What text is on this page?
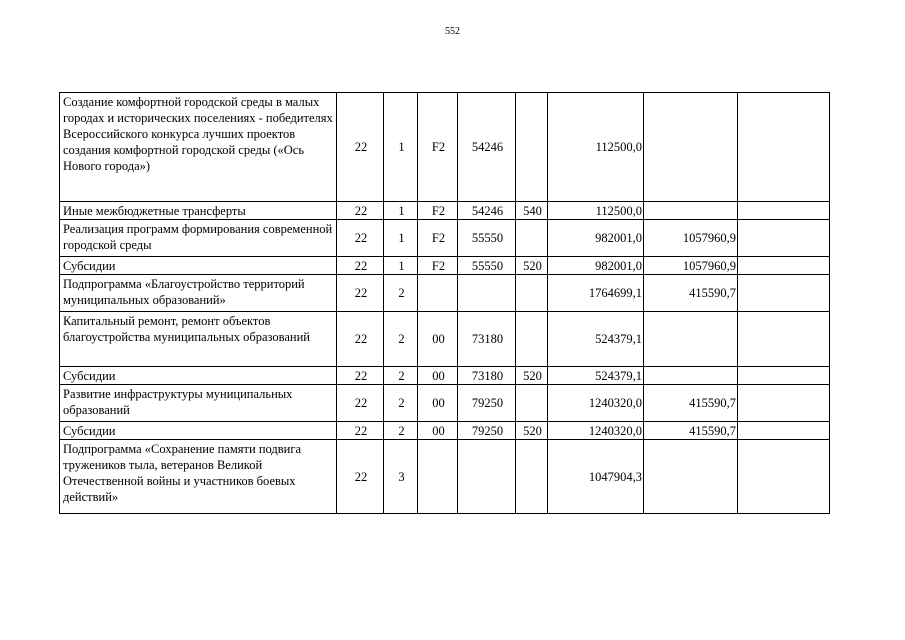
552
Создание комфортной городской среды в малых городах и исторических поселениях - победителях Всероссийского конкурса лучших проектов создания комфортной городской среды («Ось Нового города»)	22	1	F2	54246		112500,0		
Иные межбюджетные трансферты	22	1	F2	54246	540	112500,0		
Реализация программ формирования современной городской среды	22	1	F2	55550		982001,0	1057960,9	
Субсидии	22	1	F2	55550	520	982001,0	1057960,9	
Подпрограмма «Благоустройство территорий муниципальных образований»	22	2				1764699,1	415590,7	
Капитальный ремонт, ремонт объектов благоустройства муниципальных образований	22	2	00	73180		524379,1		
Субсидии	22	2	00	73180	520	524379,1		
Развитие инфраструктуры муниципальных образований	22	2	00	79250		1240320,0	415590,7	
Субсидии	22	2	00	79250	520	1240320,0	415590,7	
Подпрограмма «Сохранение памяти подвига тружеников тыла, ветеранов Великой Отечественной войны и участников боевых действий»	22	3				1047904,3		
